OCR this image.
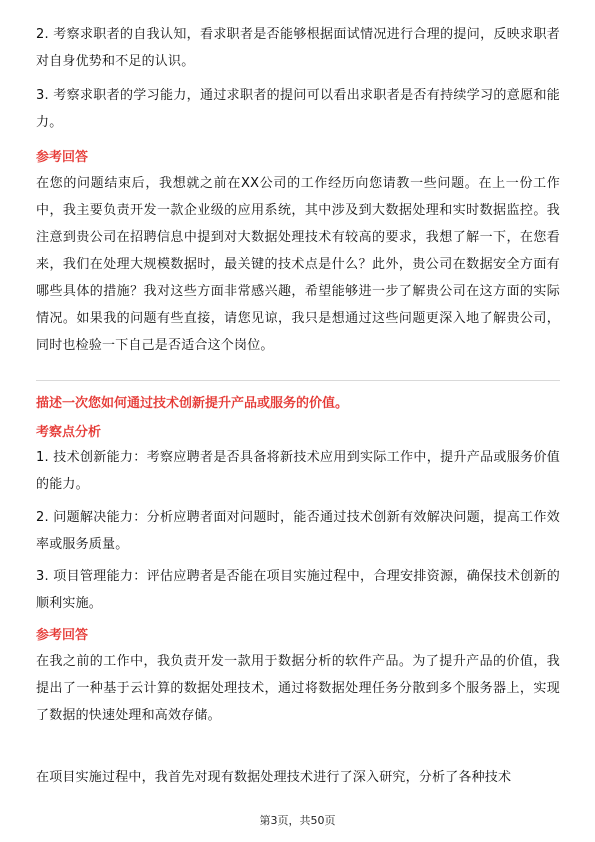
2. 考察求职者的自我认知，看求职者是否能够根据面试情况进行合理的提问，反映求职者对自身优势和不足的认识。
3. 考察求职者的学习能力，通过求职者的提问可以看出求职者是否有持续学习的意愿和能力。
参考回答
在您的问题结束后，我想就之前在XX公司的工作经历向您请教一些问题。在上一份工作中，我主要负责开发一款企业级的应用系统，其中涉及到大数据处理和实时数据监控。我注意到贵公司在招聘信息中提到对大数据处理技术有较高的要求，我想了解一下，在您看来，我们在处理大规模数据时，最关键的技术点是什么？此外，贵公司在数据安全方面有哪些具体的措施？我对这些方面非常感兴趣，希望能够进一步了解贵公司在这方面的实际情况。如果我的问题有些直接，请您见谅，我只是想通过这些问题更深入地了解贵公司，同时也检验一下自己是否适合这个岗位。
描述一次您如何通过技术创新提升产品或服务的价值。
考察点分析
1. 技术创新能力：考察应聘者是否具备将新技术应用到实际工作中，提升产品或服务价值的能力。
2. 问题解决能力：分析应聘者面对问题时，能否通过技术创新有效解决问题，提高工作效率或服务质量。
3. 项目管理能力：评估应聘者是否能在项目实施过程中，合理安排资源，确保技术创新的顺利实施。
参考回答
在我之前的工作中，我负责开发一款用于数据分析的软件产品。为了提升产品的价值，我提出了一种基于云计算的数据处理技术，通过将数据处理任务分散到多个服务器上，实现了数据的快速处理和高效存储。
在项目实施过程中，我首先对现有数据处理技术进行了深入研究，分析了各种技术
第3页，共50页
